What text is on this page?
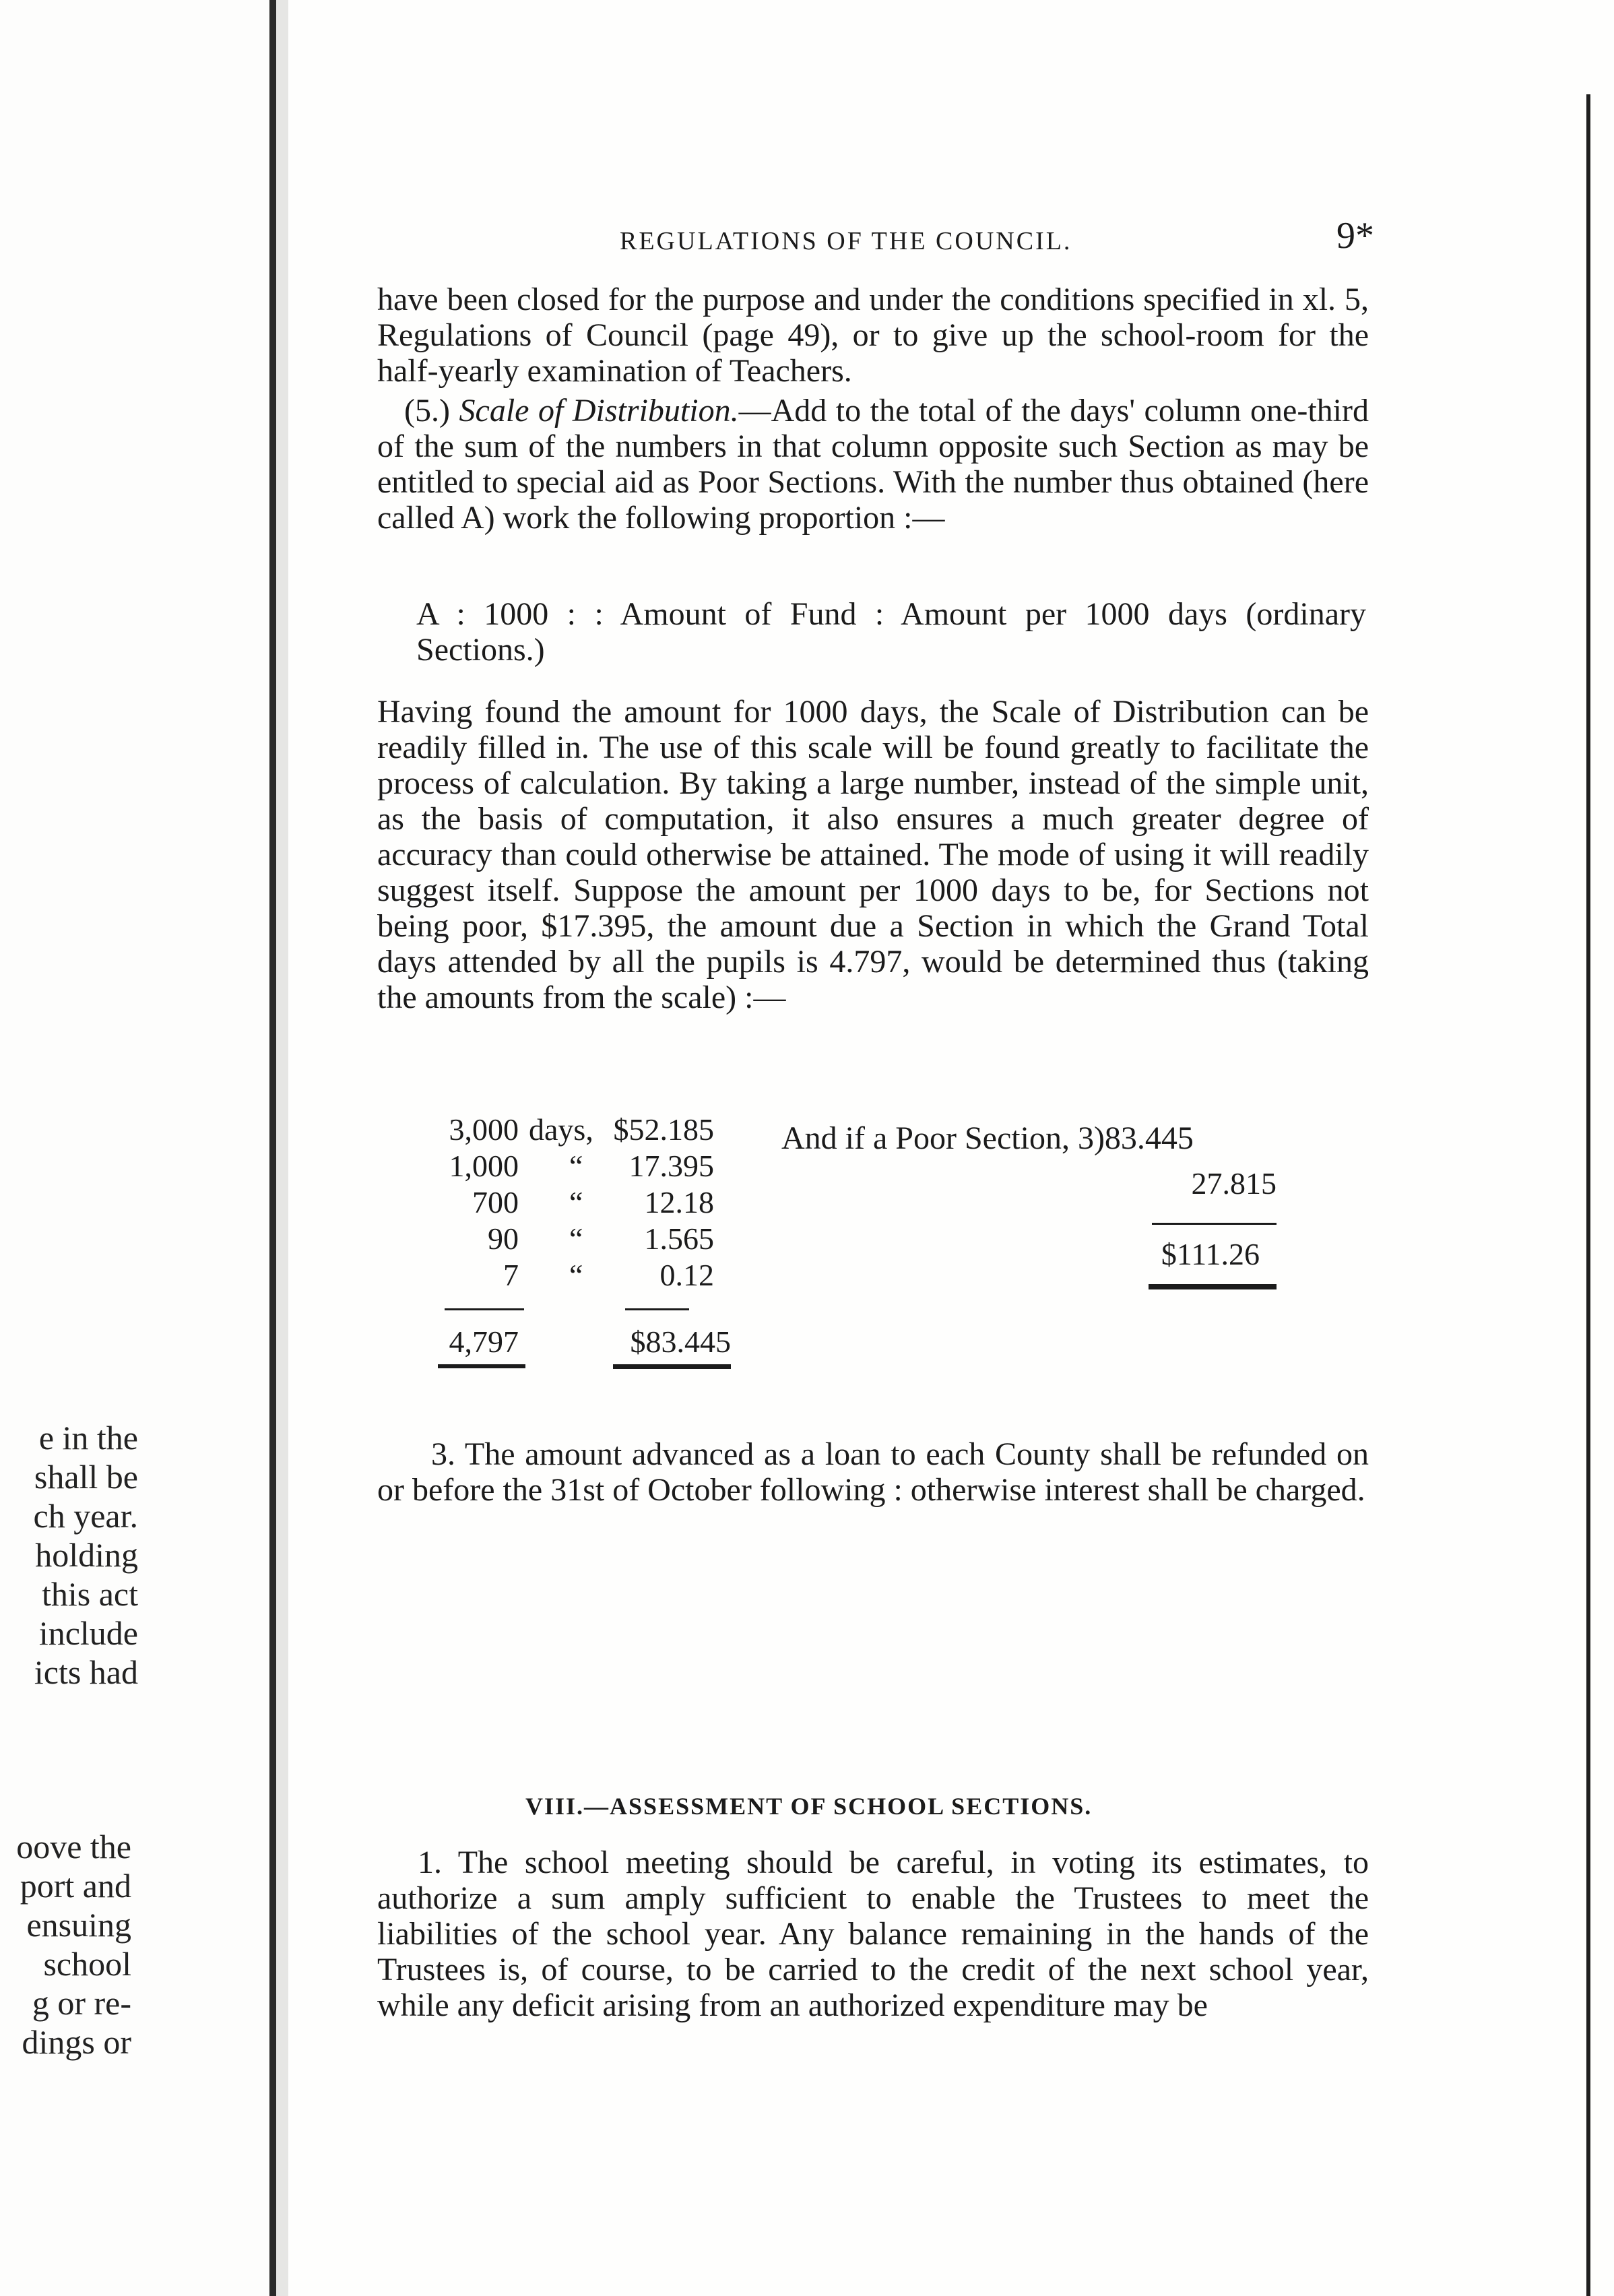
e in the
shall be
ch year.
holding
this act
include
icts had
oove the
port and
ensuing
school
g or re-
dings or
REGULATIONS OF THE COUNCIL.	9*

have been closed for the purpose and under the conditions specified in xl. 5, Regulations of Council (page 49), or to give up the school-room for the half-yearly examination of Teachers.

(5.) Scale of Distribution.—Add to the total of the days' column one-third of the sum of the numbers in that column opposite such Section as may be entitled to special aid as Poor Sections. With the number thus obtained (here called A) work the following proportion :—

A : 1000 : : Amount of Fund : Amount per 1000 days (ordinary Sections.)

Having found the amount for 1000 days, the Scale of Distribution can be readily filled in. The use of this scale will be found greatly to facilitate the process of calculation. By taking a large number, instead of the simple unit, as the basis of computation, it also ensures a much greater degree of accuracy than could otherwise be attained. The mode of using it will readily suggest itself. Suppose the amount per 1000 days to be, for Sections not being poor, $17.395, the amount due a Section in which the Grand Total days attended by all the pupils is 4.797, would be determined thus (taking the amounts from the scale) :—

3,000 days, $52.185
1,000 “	17.395
700 “	12.18
90 “	1.565
7 “	0.12
4,797	$83.445
And if a Poor Section, 3)83.445
27.815
$111.26

3. The amount advanced as a loan to each County shall be refunded on or before the 31st of October following : otherwise interest shall be charged.

VIII.—ASSESSMENT OF SCHOOL SECTIONS.

1. The school meeting should be careful, in voting its estimates, to authorize a sum amply sufficient to enable the Trustees to meet the liabilities of the school year. Any balance remaining in the hands of the Trustees is, of course, to be carried to the credit of the next school year, while any deficit arising from an authorized expenditure may be
